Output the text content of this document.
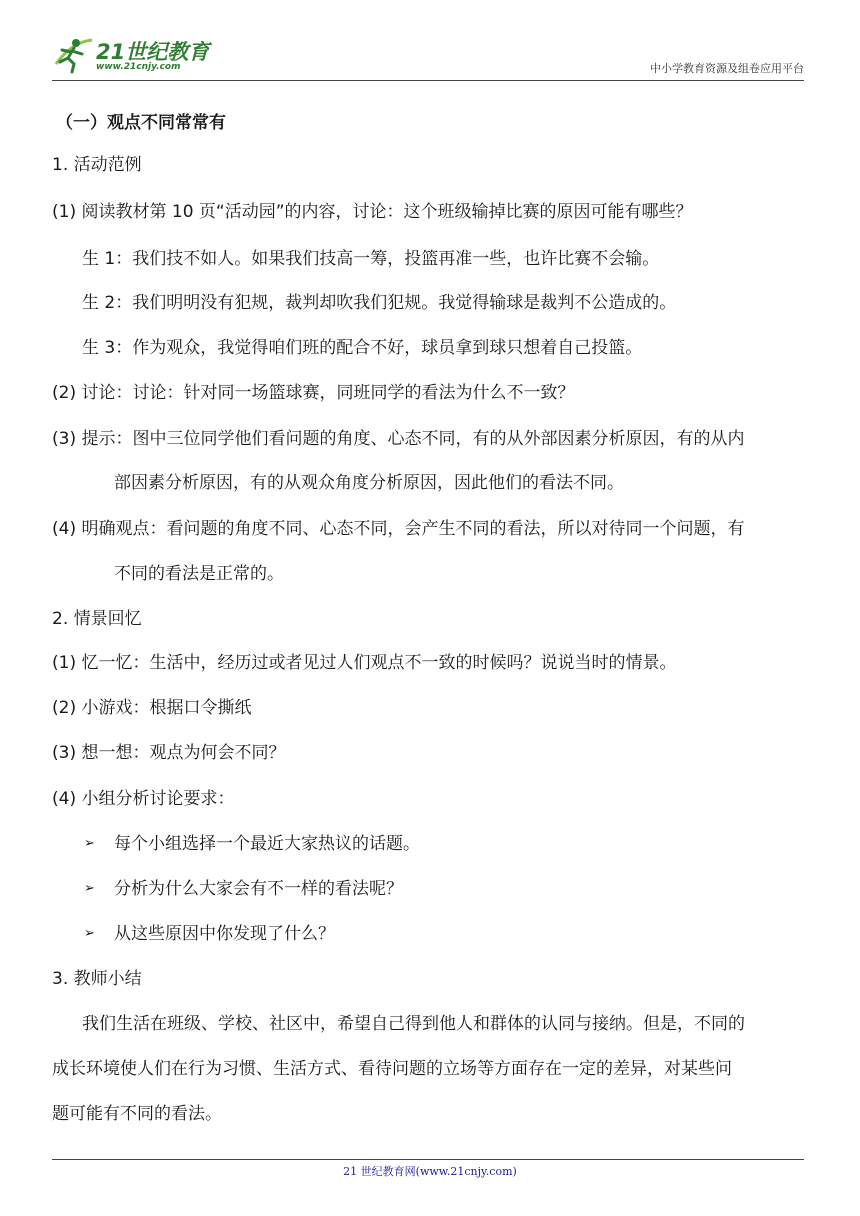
21世纪教育
www.21cnjy.com	中小学教育资源及组卷应用平台
（一）观点不同常常有
1. 活动范例
(1) 阅读教材第 10 页“活动园”的内容，讨论：这个班级输掉比赛的原因可能有哪些？
生 1：我们技不如人。如果我们技高一筹，投篮再准一些，也许比赛不会输。
生 2：我们明明没有犯规，裁判却吹我们犯规。我觉得输球是裁判不公造成的。
生 3：作为观众，我觉得咱们班的配合不好，球员拿到球只想着自己投篮。
(2) 讨论：讨论：针对同一场篮球赛，同班同学的看法为什么不一致？
(3) 提示：图中三位同学他们看问题的角度、心态不同，有的从外部因素分析原因，有的从内
部因素分析原因，有的从观众角度分析原因，因此他们的看法不同。
(4) 明确观点：看问题的角度不同、心态不同，会产生不同的看法，所以对待同一个问题，有
不同的看法是正常的。
2. 情景回忆
(1) 忆一忆：生活中，经历过或者见过人们观点不一致的时候吗？说说当时的情景。
(2) 小游戏：根据口令撕纸
(3) 想一想：观点为何会不同？
(4) 小组分析讨论要求：
➢ 每个小组选择一个最近大家热议的话题。
➢ 分析为什么大家会有不一样的看法呢？
➢ 从这些原因中你发现了什么？
3. 教师小结
我们生活在班级、学校、社区中，希望自己得到他人和群体的认同与接纳。但是，不同的
成长环境使人们在行为习惯、生活方式、看待问题的立场等方面存在一定的差异，对某些问
题可能有不同的看法。
21 世纪教育网(www.21cnjy.com)
